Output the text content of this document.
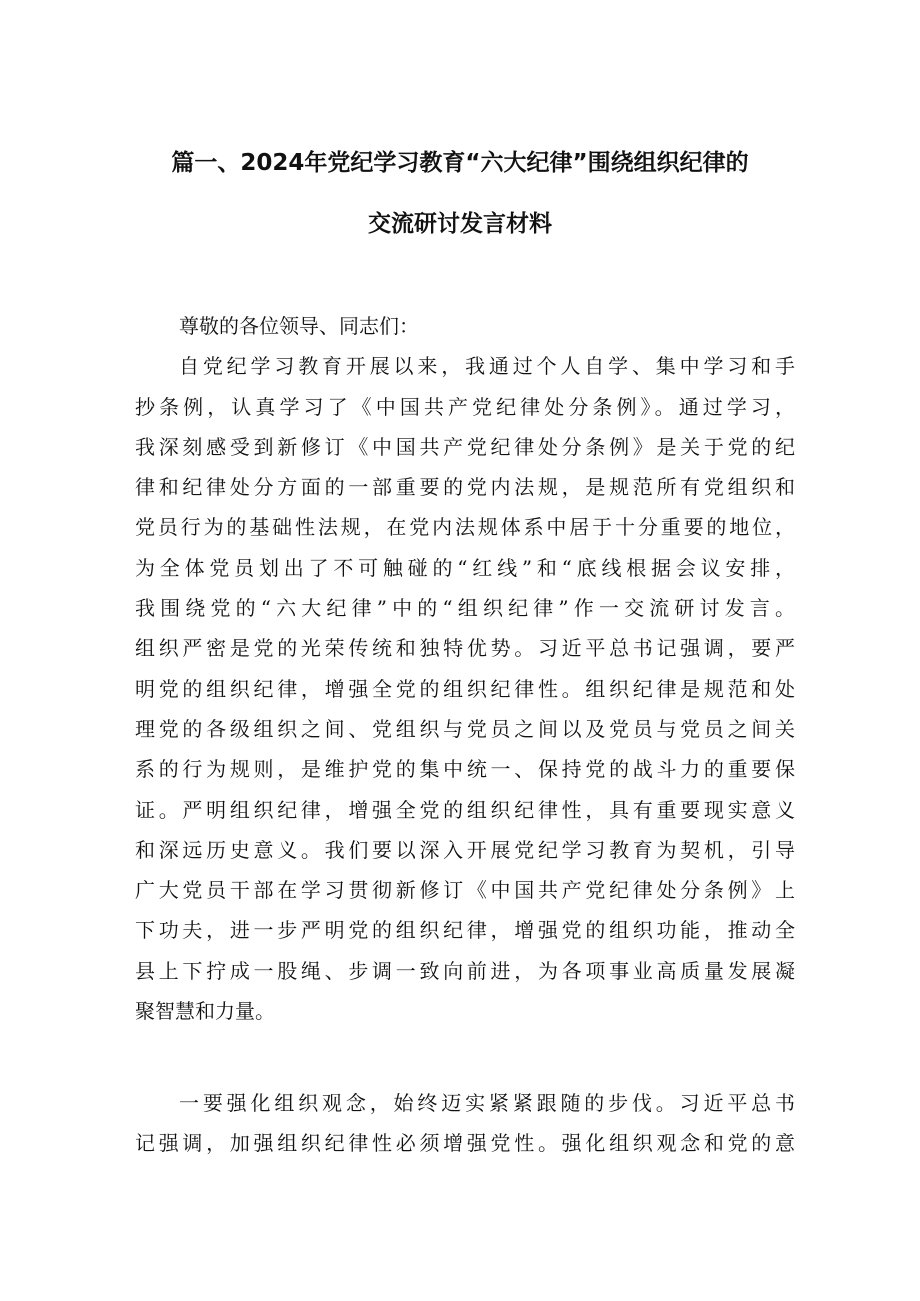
篇一、2024年党纪学习教育“六大纪律”围绕组织纪律的
交流研讨发言材料
尊敬的各位领导、同志们：
自党纪学习教育开展以来，我通过个人自学、集中学习和手
抄条例，认真学习了《中国共产党纪律处分条例》。通过学习，
我深刻感受到新修订《中国共产党纪律处分条例》是关于党的纪
律和纪律处分方面的一部重要的党内法规，是规范所有党组织和
党员行为的基础性法规，在党内法规体系中居于十分重要的地位，
为全体党员划出了不可触碰的“红线”和“底线根据会议安排，
我围绕党的“六大纪律”中的“组织纪律”作一交流研讨发言。
组织严密是党的光荣传统和独特优势。习近平总书记强调，要严
明党的组织纪律，增强全党的组织纪律性。组织纪律是规范和处
理党的各级组织之间、党组织与党员之间以及党员与党员之间关
系的行为规则，是维护党的集中统一、保持党的战斗力的重要保
证。严明组织纪律，增强全党的组织纪律性，具有重要现实意义
和深远历史意义。我们要以深入开展党纪学习教育为契机，引导
广大党员干部在学习贯彻新修订《中国共产党纪律处分条例》上
下功夫，进一步严明党的组织纪律，增强党的组织功能，推动全
县上下拧成一股绳、步调一致向前进，为各项事业高质量发展凝
聚智慧和力量。
一要强化组织观念，始终迈实紧紧跟随的步伐。习近平总书
记强调，加强组织纪律性必须增强党性。强化组织观念和党的意
